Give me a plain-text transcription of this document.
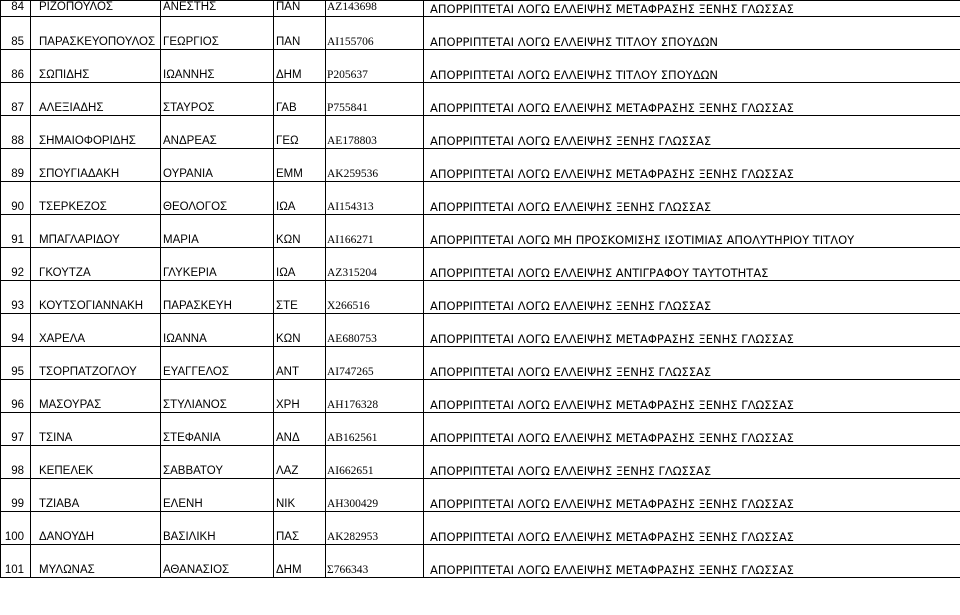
84	ΡΙΖΟΠΟΥΛΟΣ	ΑΝΕΣΤΗΣ	ΠΑΝ	ΑΖ143698	ΑΠΟΡΡΙΠΤΕΤΑΙ ΛΟΓΩ ΕΛΛΕΙΨΗΣ ΜΕΤΑΦΡΑΣΗΣ ΞΕΝΗΣ ΓΛΩΣΣΑΣ
85	ΠΑΡΑΣΚΕΥΟΠΟΥΛΟΣ	ΓΕΩΡΓΙΟΣ	ΠΑΝ	ΑΙ155706	ΑΠΟΡΡΙΠΤΕΤΑΙ ΛΟΓΩ ΕΛΛΕΙΨΗΣ ΤΙΤΛΟΥ ΣΠΟΥΔΩΝ
86	ΣΩΠΙΔΗΣ	ΙΩΑΝΝΗΣ	ΔΗΜ	Ρ205637	ΑΠΟΡΡΙΠΤΕΤΑΙ ΛΟΓΩ ΕΛΛΕΙΨΗΣ ΤΙΤΛΟΥ ΣΠΟΥΔΩΝ
87	ΑΛΕΞΙΑΔΗΣ	ΣΤΑΥΡΟΣ	ΓΑΒ	Ρ755841	ΑΠΟΡΡΙΠΤΕΤΑΙ ΛΟΓΩ ΕΛΛΕΙΨΗΣ ΜΕΤΑΦΡΑΣΗΣ ΞΕΝΗΣ ΓΛΩΣΣΑΣ
88	ΣΗΜΑΙΟΦΟΡΙΔΗΣ	ΑΝΔΡΕΑΣ	ΓΕΩ	ΑΕ178803	ΑΠΟΡΡΙΠΤΕΤΑΙ ΛΟΓΩ ΕΛΛΕΙΨΗΣ ΞΕΝΗΣ ΓΛΩΣΣΑΣ
89	ΣΠΟΥΓΙΑΔΑΚΗ	ΟΥΡΑΝΙΑ	ΕΜΜ	ΑΚ259536	ΑΠΟΡΡΙΠΤΕΤΑΙ ΛΟΓΩ ΕΛΛΕΙΨΗΣ ΜΕΤΑΦΡΑΣΗΣ ΞΕΝΗΣ ΓΛΩΣΣΑΣ
90	ΤΣΕΡΚΕΖΟΣ	ΘΕΟΛΟΓΟΣ	ΙΩΑ	ΑΙ154313	ΑΠΟΡΡΙΠΤΕΤΑΙ ΛΟΓΩ ΕΛΛΕΙΨΗΣ ΞΕΝΗΣ ΓΛΩΣΣΑΣ
91	ΜΠΑΓΛΑΡΙΔΟΥ	ΜΑΡΙΑ	ΚΩΝ	ΑΙ166271	ΑΠΟΡΡΙΠΤΕΤΑΙ ΛΟΓΩ ΜΗ ΠΡΟΣΚΟΜΙΣΗΣ ΙΣΟΤΙΜΙΑΣ ΑΠΟΛΥΤΗΡΙΟΥ ΤΙΤΛΟΥ
92	ΓΚΟΥΤΖΑ	ΓΛΥΚΕΡΙΑ	ΙΩΑ	ΑΖ315204	ΑΠΟΡΡΙΠΤΕΤΑΙ ΛΟΓΩ ΕΛΛΕΙΨΗΣ ΑΝΤΙΓΡΑΦΟΥ ΤΑΥΤΟΤΗΤΑΣ
93	ΚΟΥΤΣΟΓΙΑΝΝΑΚΗ	ΠΑΡΑΣΚΕΥΗ	ΣΤΕ	Χ266516	ΑΠΟΡΡΙΠΤΕΤΑΙ ΛΟΓΩ ΕΛΛΕΙΨΗΣ ΞΕΝΗΣ ΓΛΩΣΣΑΣ
94	ΧΑΡΕΛΑ	ΙΩΑΝΝΑ	ΚΩΝ	ΑΕ680753	ΑΠΟΡΡΙΠΤΕΤΑΙ ΛΟΓΩ ΕΛΛΕΙΨΗΣ ΜΕΤΑΦΡΑΣΗΣ ΞΕΝΗΣ ΓΛΩΣΣΑΣ
95	ΤΣΟΡΠΑΤΖΟΓΛΟΥ	ΕΥΑΓΓΕΛΟΣ	ΑΝΤ	ΑΙ747265	ΑΠΟΡΡΙΠΤΕΤΑΙ ΛΟΓΩ ΕΛΛΕΙΨΗΣ ΞΕΝΗΣ ΓΛΩΣΣΑΣ
96	ΜΑΣΟΥΡΑΣ	ΣΤΥΛΙΑΝΟΣ	ΧΡΗ	ΑΗ176328	ΑΠΟΡΡΙΠΤΕΤΑΙ ΛΟΓΩ ΕΛΛΕΙΨΗΣ ΜΕΤΑΦΡΑΣΗΣ ΞΕΝΗΣ ΓΛΩΣΣΑΣ
97	ΤΣΙΝΑ	ΣΤΕΦΑΝΙΑ	ΑΝΔ	ΑΒ162561	ΑΠΟΡΡΙΠΤΕΤΑΙ ΛΟΓΩ ΕΛΛΕΙΨΗΣ ΜΕΤΑΦΡΑΣΗΣ ΞΕΝΗΣ ΓΛΩΣΣΑΣ
98	ΚΕΠΕΛΕΚ	ΣΑΒΒΑΤΟΥ	ΛΑΖ	ΑΙ662651	ΑΠΟΡΡΙΠΤΕΤΑΙ ΛΟΓΩ ΕΛΛΕΙΨΗΣ ΞΕΝΗΣ ΓΛΩΣΣΑΣ
99	ΤΖΙΑΒΑ	ΕΛΕΝΗ	ΝΙΚ	ΑΗ300429	ΑΠΟΡΡΙΠΤΕΤΑΙ ΛΟΓΩ ΕΛΛΕΙΨΗΣ ΜΕΤΑΦΡΑΣΗΣ ΞΕΝΗΣ ΓΛΩΣΣΑΣ
100	ΔΑΝΟΥΔΗ	ΒΑΣΙΛΙΚΗ	ΠΑΣ	ΑΚ282953	ΑΠΟΡΡΙΠΤΕΤΑΙ ΛΟΓΩ ΕΛΛΕΙΨΗΣ ΜΕΤΑΦΡΑΣΗΣ ΞΕΝΗΣ ΓΛΩΣΣΑΣ
101	ΜΥΛΩΝΑΣ	ΑΘΑΝΑΣΙΟΣ	ΔΗΜ	Σ766343	ΑΠΟΡΡΙΠΤΕΤΑΙ ΛΟΓΩ ΕΛΛΕΙΨΗΣ ΜΕΤΑΦΡΑΣΗΣ ΞΕΝΗΣ ΓΛΩΣΣΑΣ
